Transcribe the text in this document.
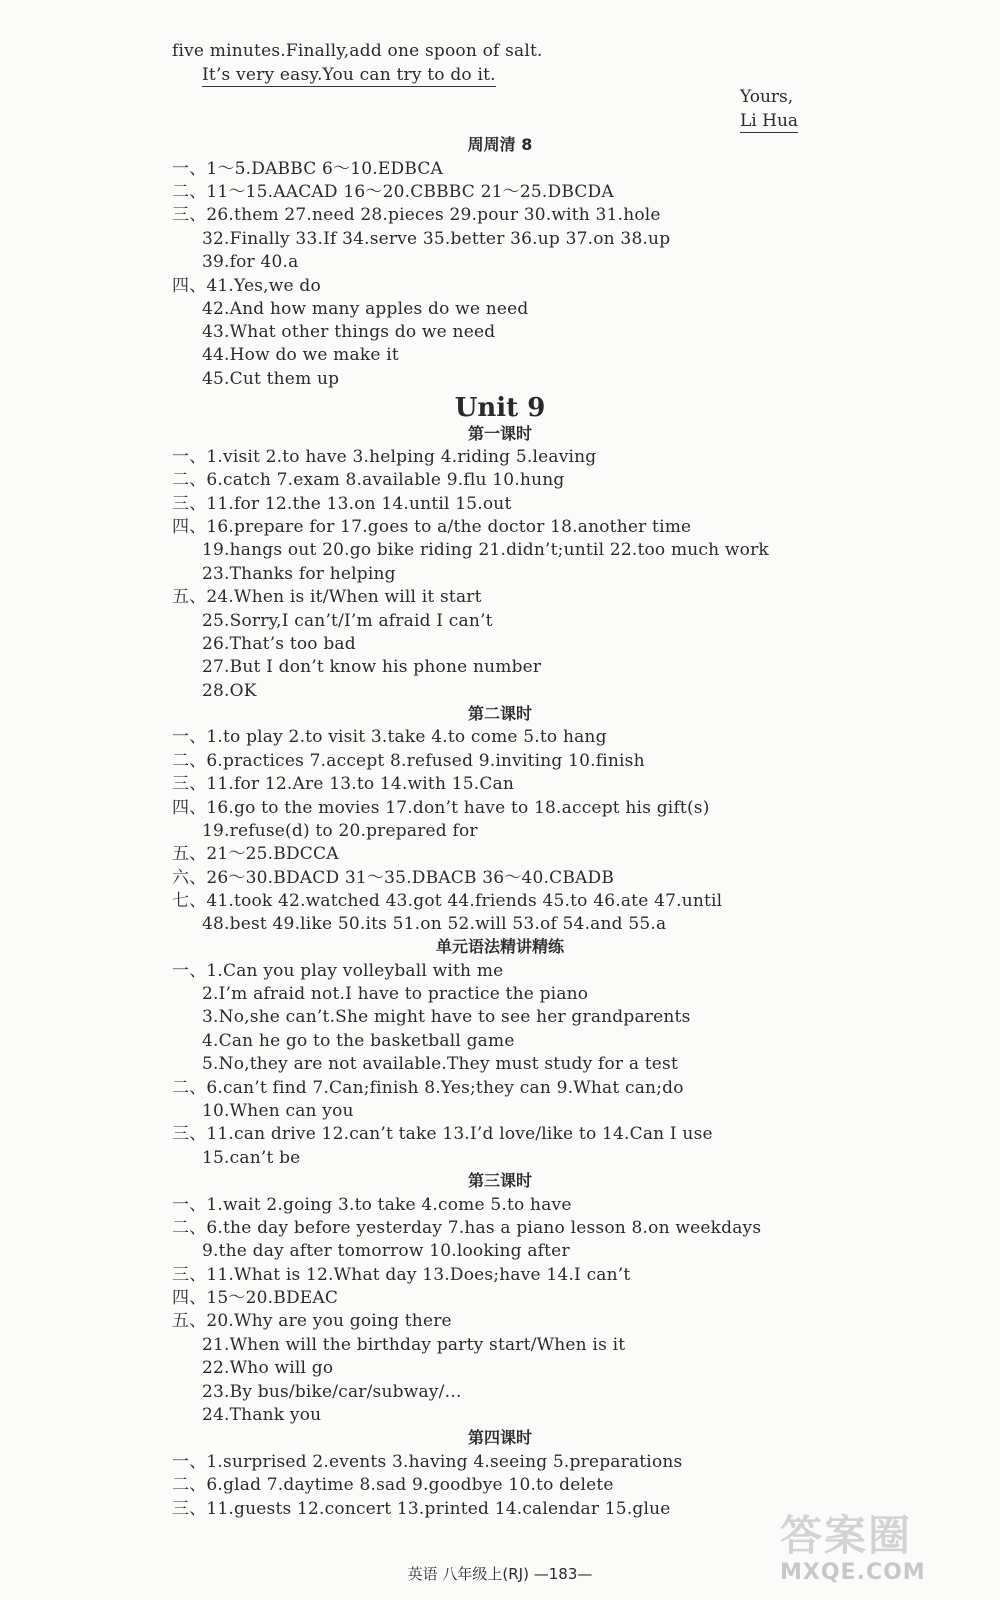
five minutes.Finally,add one spoon of salt.
It’s very easy.You can try to do it.
Yours,
Li Hua
周周清 8
一、1～5.DABBC 6～10.EDBCA
二、11～15.AACAD 16～20.CBBBC 21～25.DBCDA
三、26.them 27.need 28.pieces 29.pour 30.with 31.hole
32.Finally 33.If 34.serve 35.better 36.up 37.on 38.up
39.for 40.a
四、41.Yes,we do
42.And how many apples do we need
43.What other things do we need
44.How do we make it
45.Cut them up
Unit 9
第一课时
一、1.visit 2.to have 3.helping 4.riding 5.leaving
二、6.catch 7.exam 8.available 9.flu 10.hung
三、11.for 12.the 13.on 14.until 15.out
四、16.prepare for 17.goes to a/the doctor 18.another time
19.hangs out 20.go bike riding 21.didn’t;until 22.too much work
23.Thanks for helping
五、24.When is it/When will it start
25.Sorry,I can’t/I’m afraid I can’t
26.That’s too bad
27.But I don’t know his phone number
28.OK
第二课时
一、1.to play 2.to visit 3.take 4.to come 5.to hang
二、6.practices 7.accept 8.refused 9.inviting 10.finish
三、11.for 12.Are 13.to 14.with 15.Can
四、16.go to the movies 17.don’t have to 18.accept his gift(s)
19.refuse(d) to 20.prepared for
五、21～25.BDCCA
六、26～30.BDACD 31～35.DBACB 36～40.CBADB
七、41.took 42.watched 43.got 44.friends 45.to 46.ate 47.until
48.best 49.like 50.its 51.on 52.will 53.of 54.and 55.a
单元语法精讲精练
一、1.Can you play volleyball with me
2.I’m afraid not.I have to practice the piano
3.No,she can’t.She might have to see her grandparents
4.Can he go to the basketball game
5.No,they are not available.They must study for a test
二、6.can’t find 7.Can;finish 8.Yes;they can 9.What can;do
10.When can you
三、11.can drive 12.can’t take 13.I’d love/like to 14.Can I use
15.can’t be
第三课时
一、1.wait 2.going 3.to take 4.come 5.to have
二、6.the day before yesterday 7.has a piano lesson 8.on weekdays
9.the day after tomorrow 10.looking after
三、11.What is 12.What day 13.Does;have 14.I can’t
四、15～20.BDEAC
五、20.Why are you going there
21.When will the birthday party start/When is it
22.Who will go
23.By bus/bike/car/subway/…
24.Thank you
第四课时
一、1.surprised 2.events 3.having 4.seeing 5.preparations
二、6.glad 7.daytime 8.sad 9.goodbye 10.to delete
三、11.guests 12.concert 13.printed 14.calendar 15.glue
英语 八年级上(RJ) —183—
答案圈
MXQE.COM
